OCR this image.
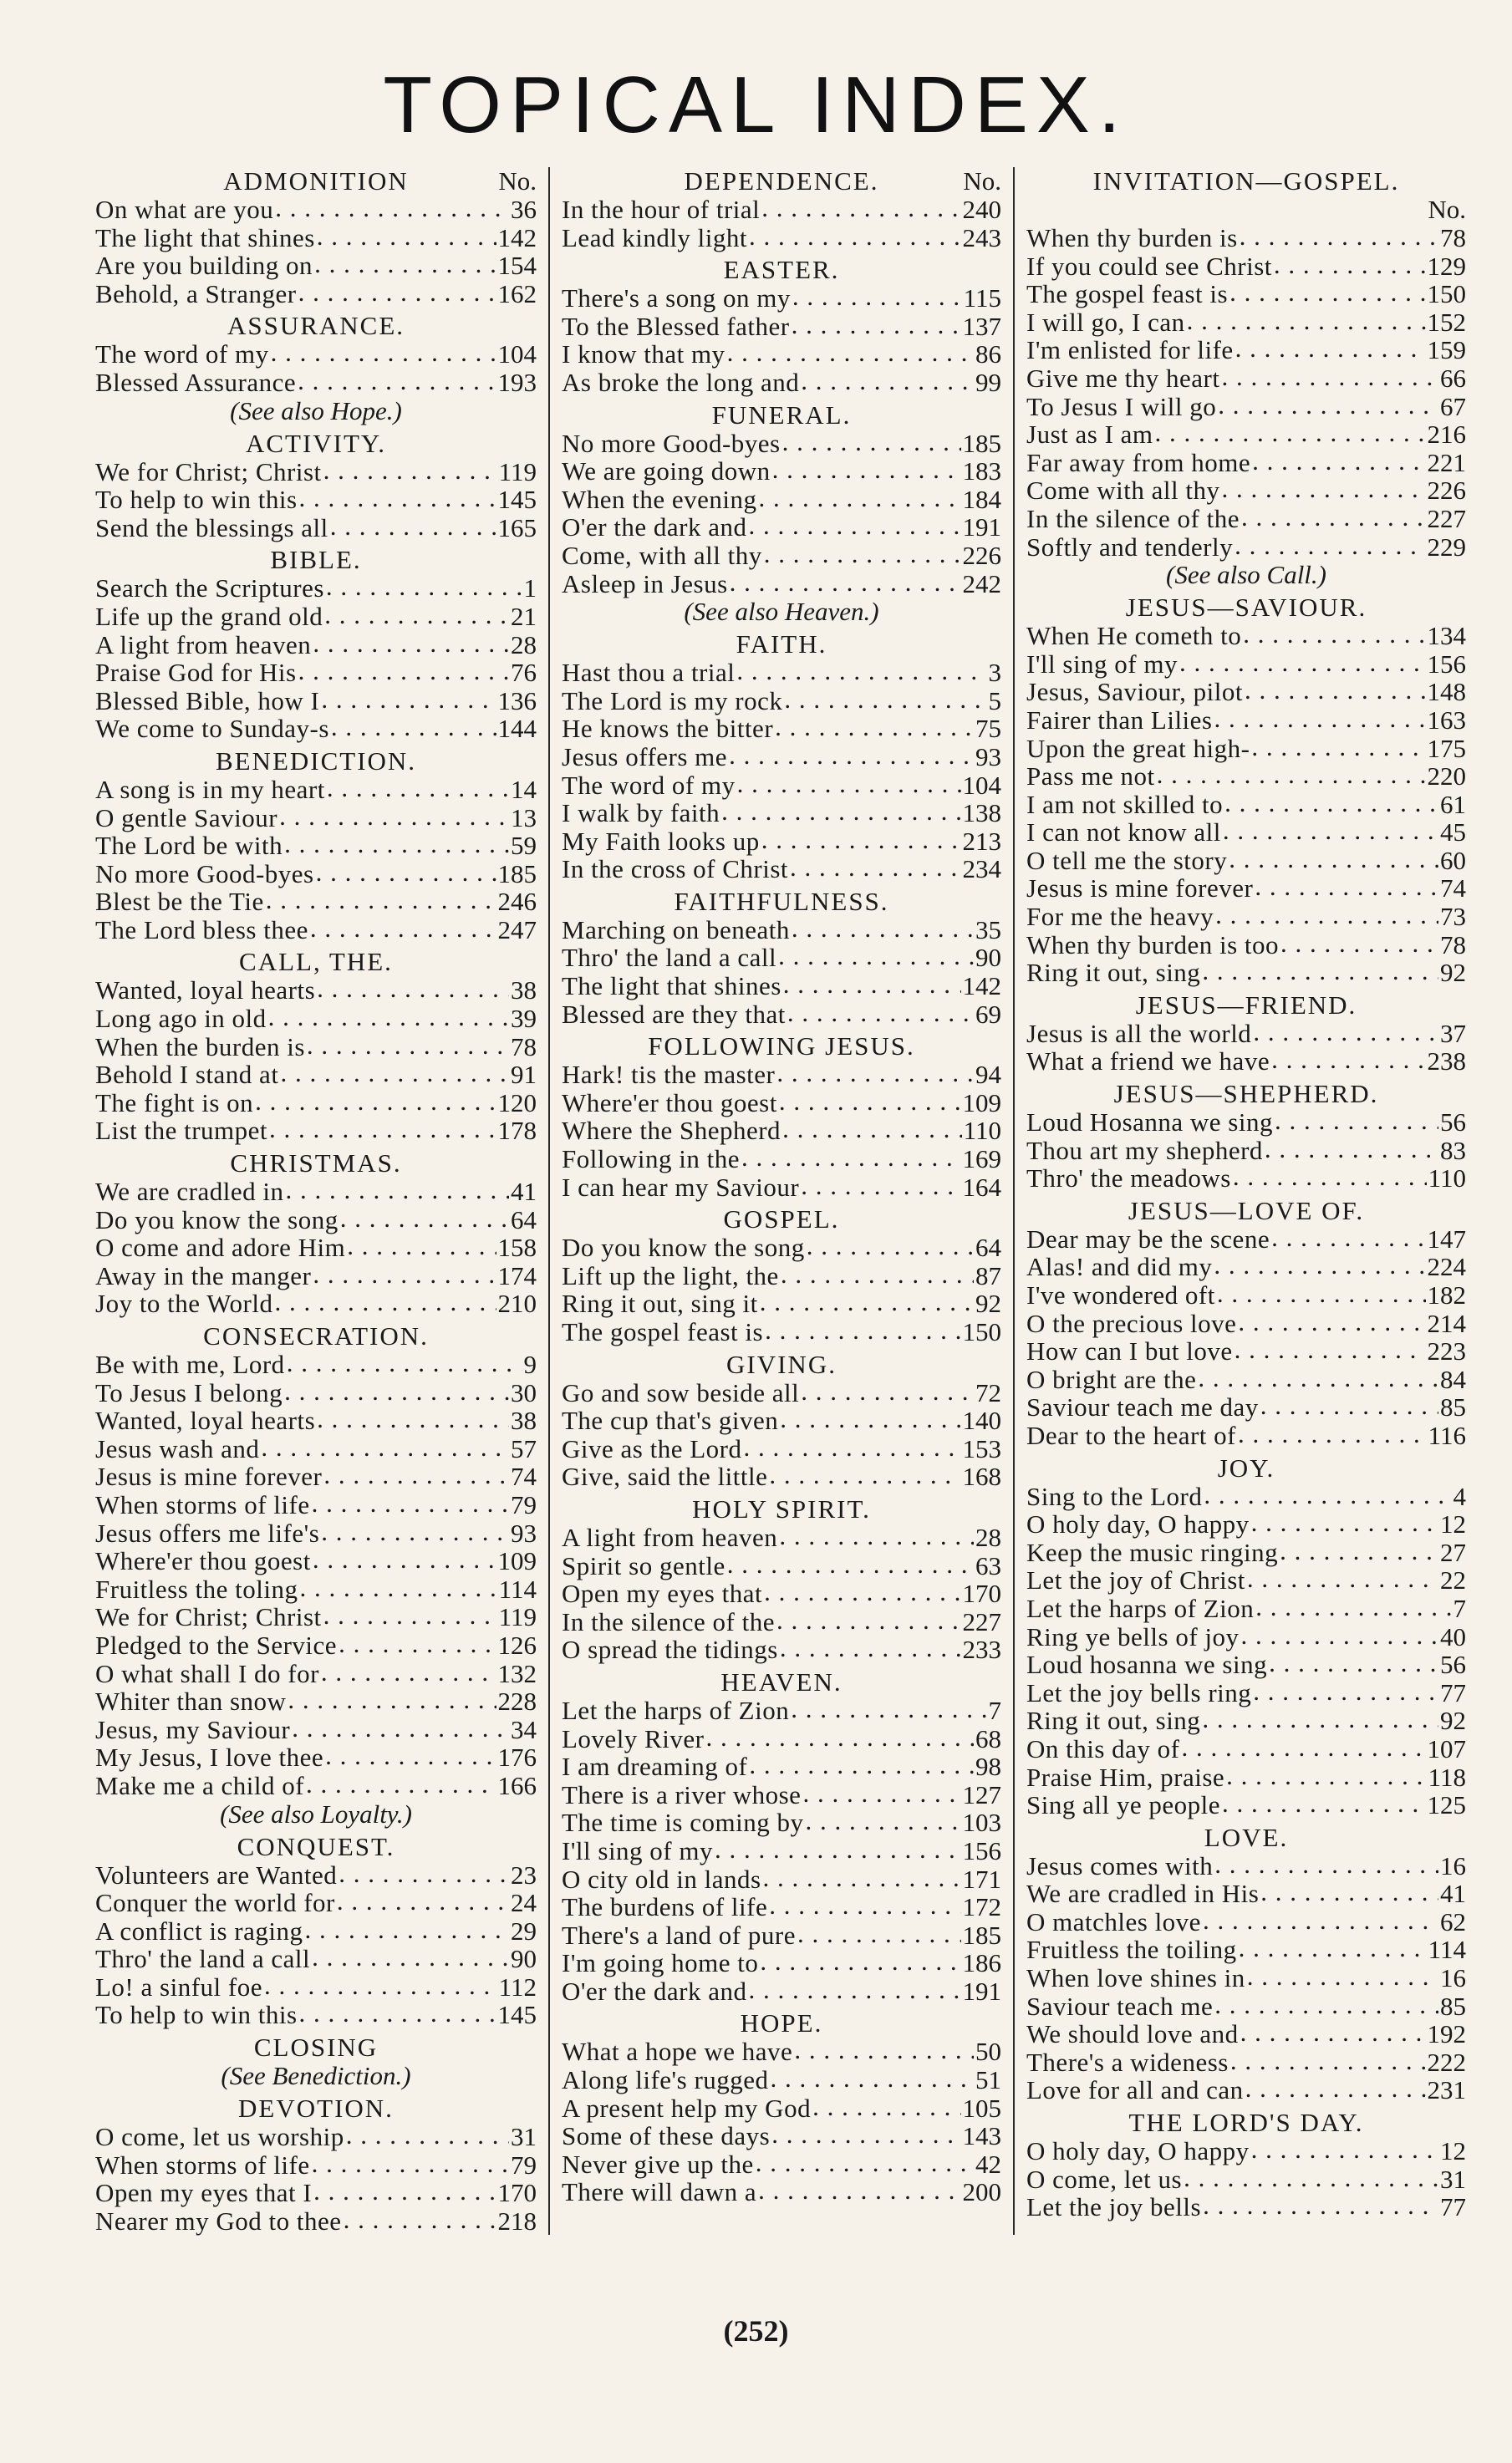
TOPICAL INDEX.
ADMONITION	No.
On what are you . . .	36
The light that shines . . .	142
Are you building on . . .	154
Behold, a Stranger . . .	162
ASSURANCE.
The word of my . . .	104
Blessed Assurance . . .	193
(See also Hope.)
ACTIVITY.
We for Christ; Christ . . .	119
To help to win this . . .	145
Send the blessings all . . .	165
BIBLE.
Search the Scriptures . . .	1
Life up the grand old . . .	21
A light from heaven . . .	28
Praise God for His . . .	76
Blessed Bible, how I . . .	136
We come to Sunday-s . . .	144
BENEDICTION.
A song is in my heart . . .	14
O gentle Saviour . . .	13
The Lord be with . . .	59
No more Good-byes . . .	185
Blest be the Tie . . .	246
The Lord bless thee . . .	247
CALL, THE.
Wanted, loyal hearts . . .	38
Long ago in old . . .	39
When the burden is . . .	78
Behold I stand at . . .	91
The fight is on . . .	120
List the trumpet . . .	178
CHRISTMAS.
We are cradled in . . .	41
Do you know the song . . .	64
O come and adore Him . . .	158
Away in the manger . . .	174
Joy to the World . . .	210
CONSECRATION.
Be with me, Lord . . .	9
To Jesus I belong . . .	30
Wanted, loyal hearts . . .	38
Jesus wash and . . .	57
Jesus is mine forever . . .	74
When storms of life . . .	79
Jesus offers me life's . . .	93
Where'er thou goest . . .	109
Fruitless the toling . . .	114
We for Christ; Christ . . .	119
Pledged to the Service . . .	126
O what shall I do for . . .	132
Whiter than snow . . .	228
Jesus, my Saviour . . .	34
My Jesus, I love thee . . .	176
Make me a child of . . .	166
(See also Loyalty.)
CONQUEST.
Volunteers are Wanted . . .	23
Conquer the world for . . .	24
A conflict is raging . . .	29
Thro' the land a call . . .	90
Lo! a sinful foe . . .	112
To help to win this . . .	145
CLOSING
(See Benediction.)
DEVOTION.
O come, let us worship . . .	31
When storms of life . . .	79
Open my eyes that I . . .	170
Nearer my God to thee . . .	218
DEPENDENCE.	No.
In the hour of trial . . .	240
Lead kindly light . . .	243
EASTER.
There's a song on my . . .	115
To the Blessed father . . .	137
I know that my . . .	86
As broke the long and . . .	99
FUNERAL.
No more Good-byes . . .	185
We are going down . . .	183
When the evening . . .	184
O'er the dark and . . .	191
Come, with all thy . . .	226
Asleep in Jesus . . .	242
(See also Heaven.)
FAITH.
Hast thou a trial . . .	3
The Lord is my rock . . .	5
He knows the bitter . . .	75
Jesus offers me . . .	93
The word of my . . .	104
I walk by faith . . .	138
My Faith looks up . . .	213
In the cross of Christ . . .	234
FAITHFULNESS.
Marching on beneath . . .	35
Thro' the land a call . . .	90
The light that shines . . .	142
Blessed are they that . . .	69
FOLLOWING JESUS.
Hark! tis the master . . .	94
Where'er thou goest . . .	109
Where the Shepherd . . .	110
Following in the . . .	169
I can hear my Saviour . . .	164
GOSPEL.
Do you know the song . . .	64
Lift up the light, the . . .	87
Ring it out, sing it . . .	92
The gospel feast is . . .	150
GIVING.
Go and sow beside all . . .	72
The cup that's given . . .	140
Give as the Lord . . .	153
Give, said the little . . .	168
HOLY SPIRIT.
A light from heaven . . .	28
Spirit so gentle . . .	63
Open my eyes that . . .	170
In the silence of the . . .	227
O spread the tidings . . .	233
HEAVEN.
Let the harps of Zion . . .	7
Lovely River . . .	68
I am dreaming of . . .	98
There is a river whose . . .	127
The time is coming by . . .	103
I'll sing of my . . .	156
O city old in lands . . .	171
The burdens of life . . .	172
There's a land of pure . . .	185
I'm going home to . . .	186
O'er the dark and . . .	191
HOPE.
What a hope we have . . .	50
Along life's rugged . . .	51
A present help my God . . .	105
Some of these days . . .	143
Never give up the . . .	42
There will dawn a . . .	200
INVITATION—GOSPEL.
No.
When thy burden is . . .	78
If you could see Christ . . .	129
The gospel feast is . . .	150
I will go, I can . . .	152
I'm enlisted for life . . .	159
Give me thy heart . . .	66
To Jesus I will go . . .	67
Just as I am . . .	216
Far away from home . . .	221
Come with all thy . . .	226
In the silence of the . . .	227
Softly and tenderly . . .	229
(See also Call.)
JESUS—SAVIOUR.
When He cometh to . . .	134
I'll sing of my . . .	156
Jesus, Saviour, pilot . . .	148
Fairer than Lilies . . .	163
Upon the great high- . . .	175
Pass me not . . .	220
I am not skilled to . . .	61
I can not know all . . .	45
O tell me the story . . .	60
Jesus is mine forever . . .	74
For me the heavy . . .	73
When thy burden is too . . .	78
Ring it out, sing . . .	92
JESUS—FRIEND.
Jesus is all the world . . .	37
What a friend we have . . .	238
JESUS—SHEPHERD.
Loud Hosanna we sing . . .	56
Thou art my shepherd . . .	83
Thro' the meadows . . .	110
JESUS—LOVE OF.
Dear may be the scene . . .	147
Alas! and did my . . .	224
I've wondered oft . . .	182
O the precious love . . .	214
How can I but love . . .	223
O bright are the . . .	84
Saviour teach me day . . .	85
Dear to the heart of . . .	116
JOY.
Sing to the Lord . . .	4
O holy day, O happy . . .	12
Keep the music ringing . . .	27
Let the joy of Christ . . .	22
Let the harps of Zion . . .	7
Ring ye bells of joy . . .	40
Loud hosanna we sing . . .	56
Let the joy bells ring . . .	77
Ring it out, sing . . .	92
On this day of . . .	107
Praise Him, praise . . .	118
Sing all ye people . . .	125
LOVE.
Jesus comes with . . .	16
We are cradled in His . . .	41
O matchles love . . .	62
Fruitless the toiling . . .	114
When love shines in . . .	16
Saviour teach me . . .	85
We should love and . . .	192
There's a wideness . . .	222
Love for all and can . . .	231
THE LORD'S DAY.
O holy day, O happy . . .	12
O come, let us . . .	31
Let the joy bells . . .	77
(252)
